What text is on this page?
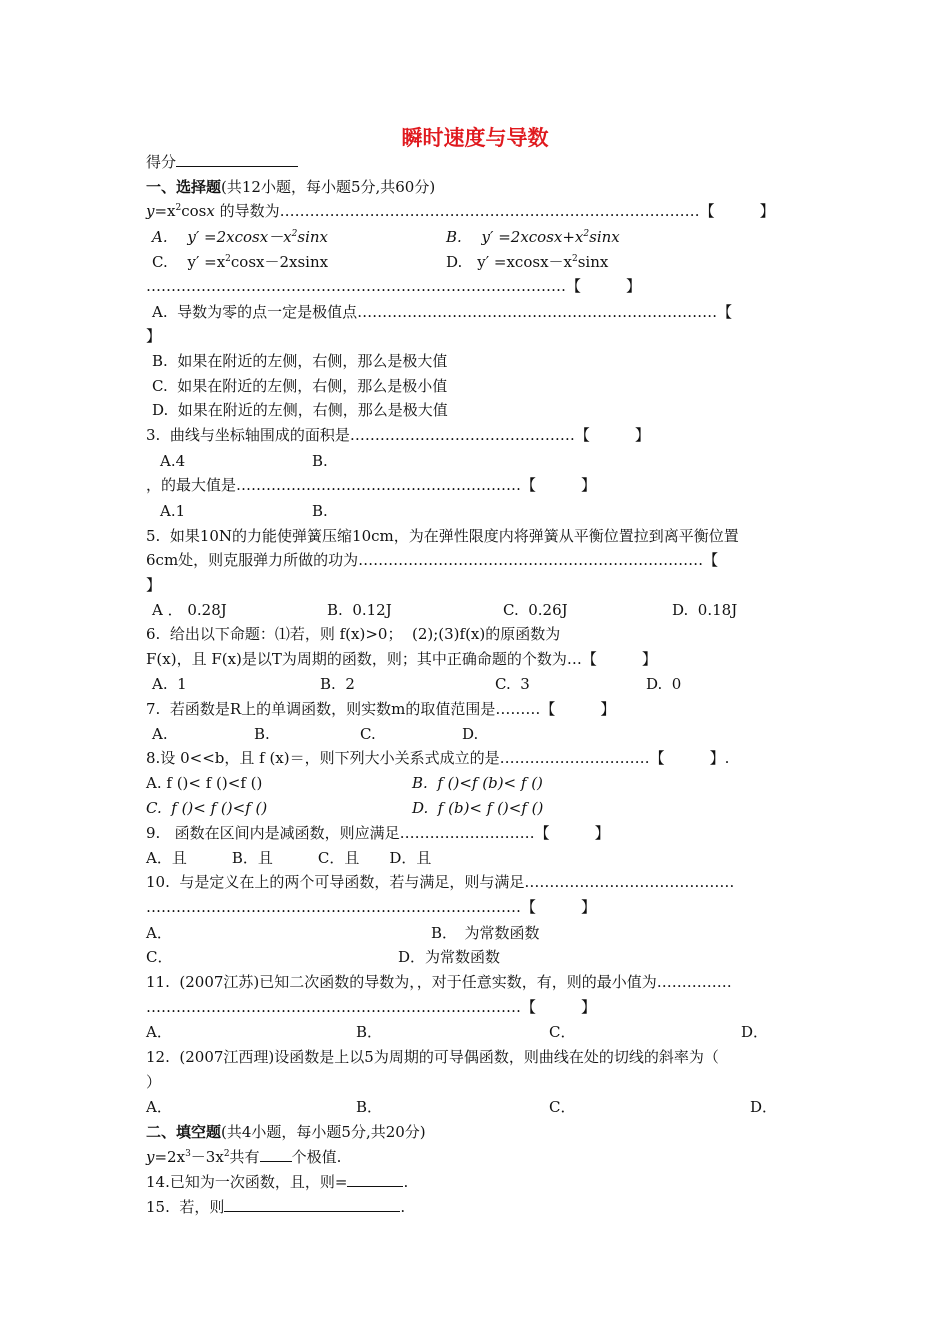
瞬时速度与导数
得分
一、选择题(共12小题，每小题5分,共60分)
$y=x^2\cos x$ 的导数为…………………………………………………………………………【　　　】
A.　 $y' =2xcosx-x^2\sin x$	B.　 $y' =2xcosx+x^2\sin x$
C.　 $y' =x^2\cos x-2xsinx$	D.　$y' =xcosx-x^2\sin x$
…………………………………………………………………………【　　　】
A.  导数为零的点一定是极值点………………………………………………………………【
】
B.  如果在附近的左侧，右侧，那么是极大值
C.  如果在附近的左侧，右侧，那么是极小值
D.  如果在附近的左侧，右侧，那么是极大值
3.  曲线与坐标轴围成的面积是………………………………………【　　　】
A.4	B.
，的最大值是…………………………………………………【　　　】
A.1	B.
5.  如果10N的力能使弹簧压缩10cm，为在弹性限度内将弹簧从平衡位置拉到离平衡位置
6cm处，则克服弹力所做的功为……………………………………………………………【
】
A ． 0.28J	B.  0.12J	C.  0.26J	D.  0.18J
6.  给出以下命题：⑴若，则 f(x)>0；  (2);(3)f(x)的原函数为
F(x)，且 F(x)是以T为周期的函数，则；其中正确命题的个数为…【　　　】
A.  1	B.  2	C.  3	D.  0
7.  若函数是R上的单调函数，则实数m的取值范围是………【　　　】
A.	B.	C.	D.
8.设 0<<b，且 f (x)＝，则下列大小关系式成立的是…………………………【　　　】.
A. f ()< f ()<f ()	B.  f ()<f (b)< f ()
C.  f ()< f ()<f ()	D.  f (b)< f ()<f ()
9.   函数在区间内是减函数，则应满足………………………【　　　】
A．且　　　B．且　　　C．且　　D．且
10.  与是定义在上的两个可导函数，若与满足，则与满足……………………………………
…………………………………………………………………【　　　】
A．	B．　为常数函数
C．	D．为常数函数
11.  (2007江苏)已知二次函数的导数为，，对于任意实数，有，则的最小值为……………
…………………………………………………………………【　　　】
A．	B．	C．	D．
12.  (2007江西理)设函数是上以5为周期的可导偶函数，则曲线在处的切线的斜率为（
）
A．	B．	C．	D．
二、填空题(共4小题，每小题5分,共20分)
$y=2x^3-3x^2$共有 个极值.
14.已知为一次函数，且，则=	.
15.  若，则	.
